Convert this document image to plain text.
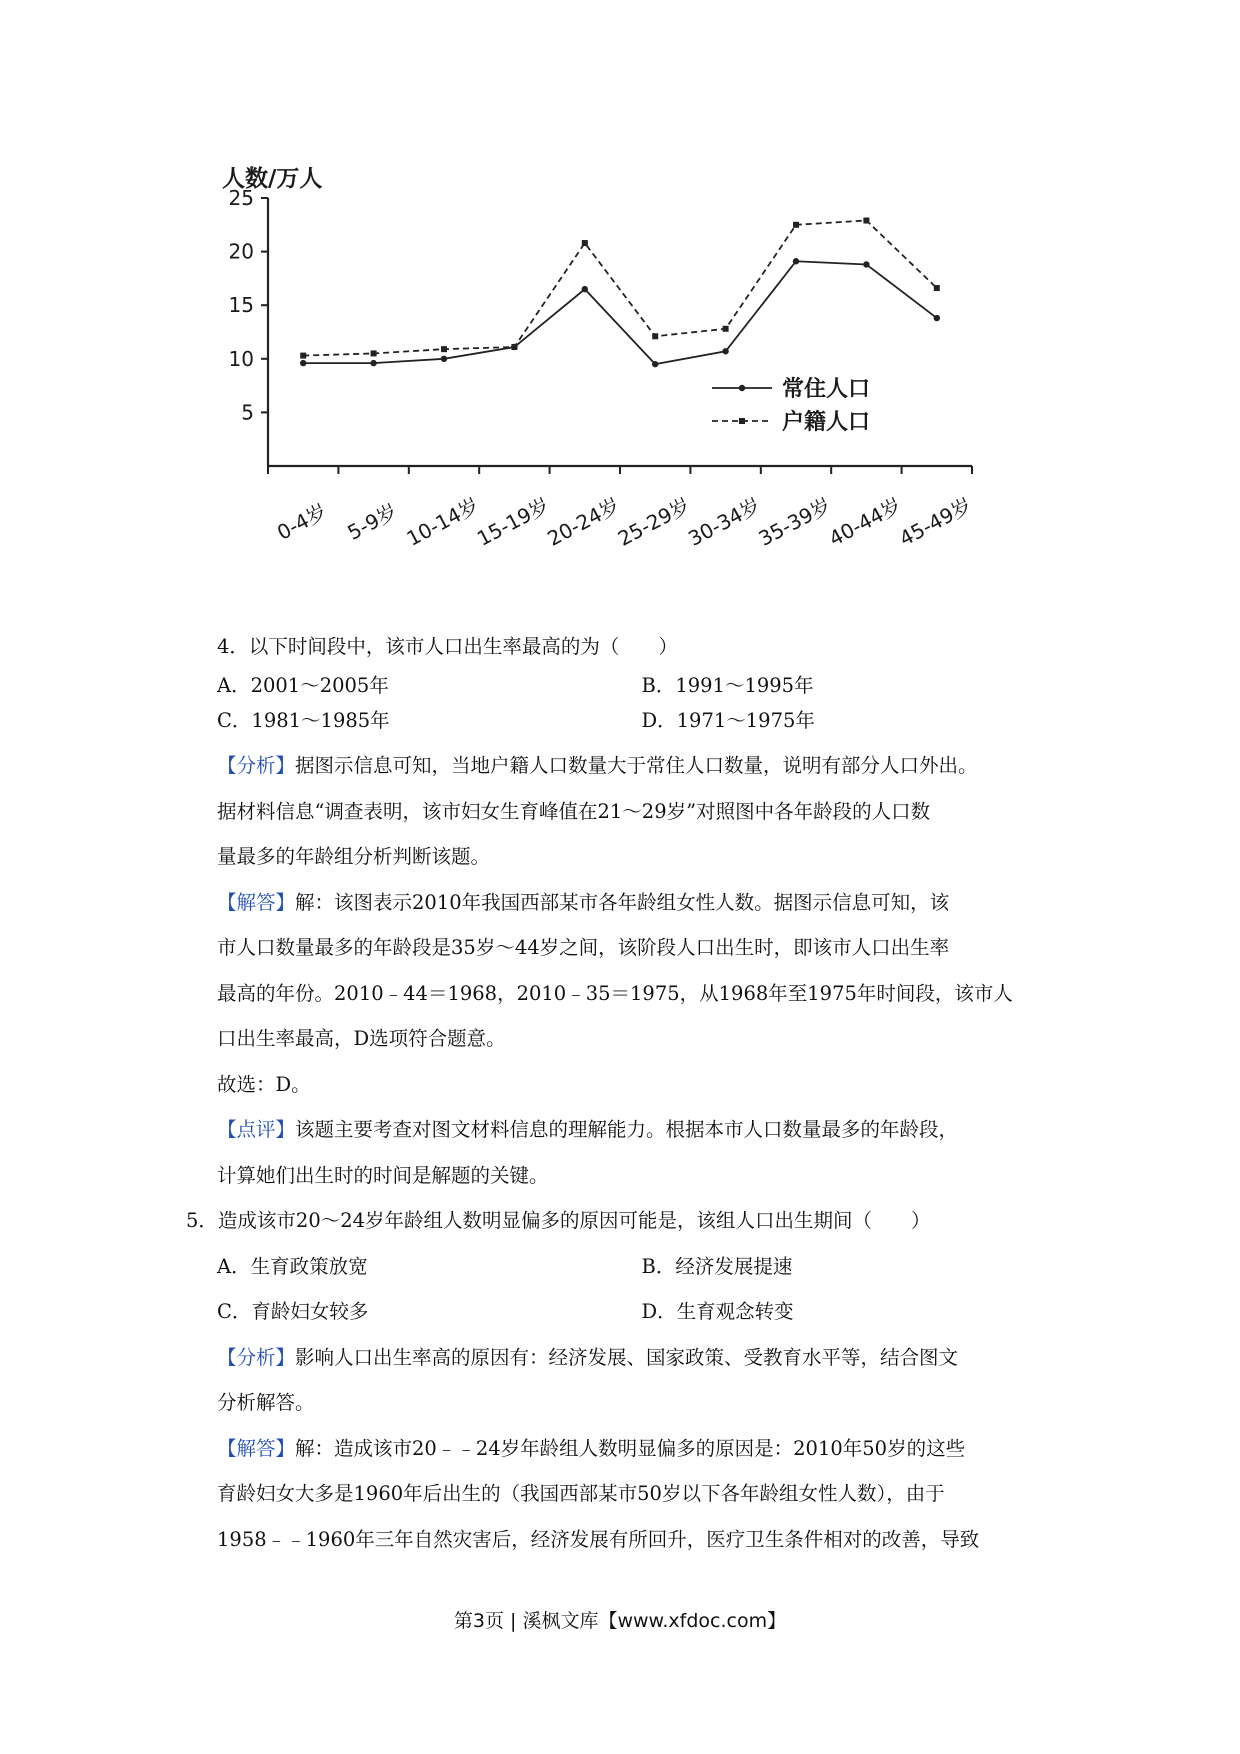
人数/万人
25
20
15
10
5
0-4岁 5-9岁 10-14岁
15-19岁
20-24岁
25-29岁
30-34岁
35-39岁
40-44岁
45-49岁
常住人口
户籍人口
4．以下时间段中，该市人口出生率最高的为（　　）
A．2001～2005年	B．1991～1995年
C．1981～1985年	D．1971～1975年
【分析】据图示信息可知，当地户籍人口数量大于常住人口数量，说明有部分人口外出。
据材料信息“调查表明，该市妇女生育峰值在21～29岁”对照图中各年龄段的人口数
量最多的年龄组分析判断该题。
【解答】解：该图表示2010年我国西部某市各年龄组女性人数。据图示信息可知，该
市人口数量最多的年龄段是35岁～44岁之间，该阶段人口出生时，即该市人口出生率
最高的年份。2010﹣44＝1968，2010﹣35＝1975，从1968年至1975年时间段，该市人
口出生率最高，D选项符合题意。
故选：D。
【点评】该题主要考查对图文材料信息的理解能力。根据本市人口数量最多的年龄段，
计算她们出生时的时间是解题的关键。
5．造成该市20～24岁年龄组人数明显偏多的原因可能是，该组人口出生期间（　　）
A．生育政策放宽	B．经济发展提速
C．育龄妇女较多	D．生育观念转变
【分析】影响人口出生率高的原因有：经济发展、国家政策、受教育水平等，结合图文
分析解答。
【解答】解：造成该市20﹣﹣24岁年龄组人数明显偏多的原因是：2010年50岁的这些
育龄妇女大多是1960年后出生的（我国西部某市50岁以下各年龄组女性人数），由于
1958﹣﹣1960年三年自然灾害后，经济发展有所回升，医疗卫生条件相对的改善，导致
第3页 | 溪枫文库【www.xfdoc.com】
